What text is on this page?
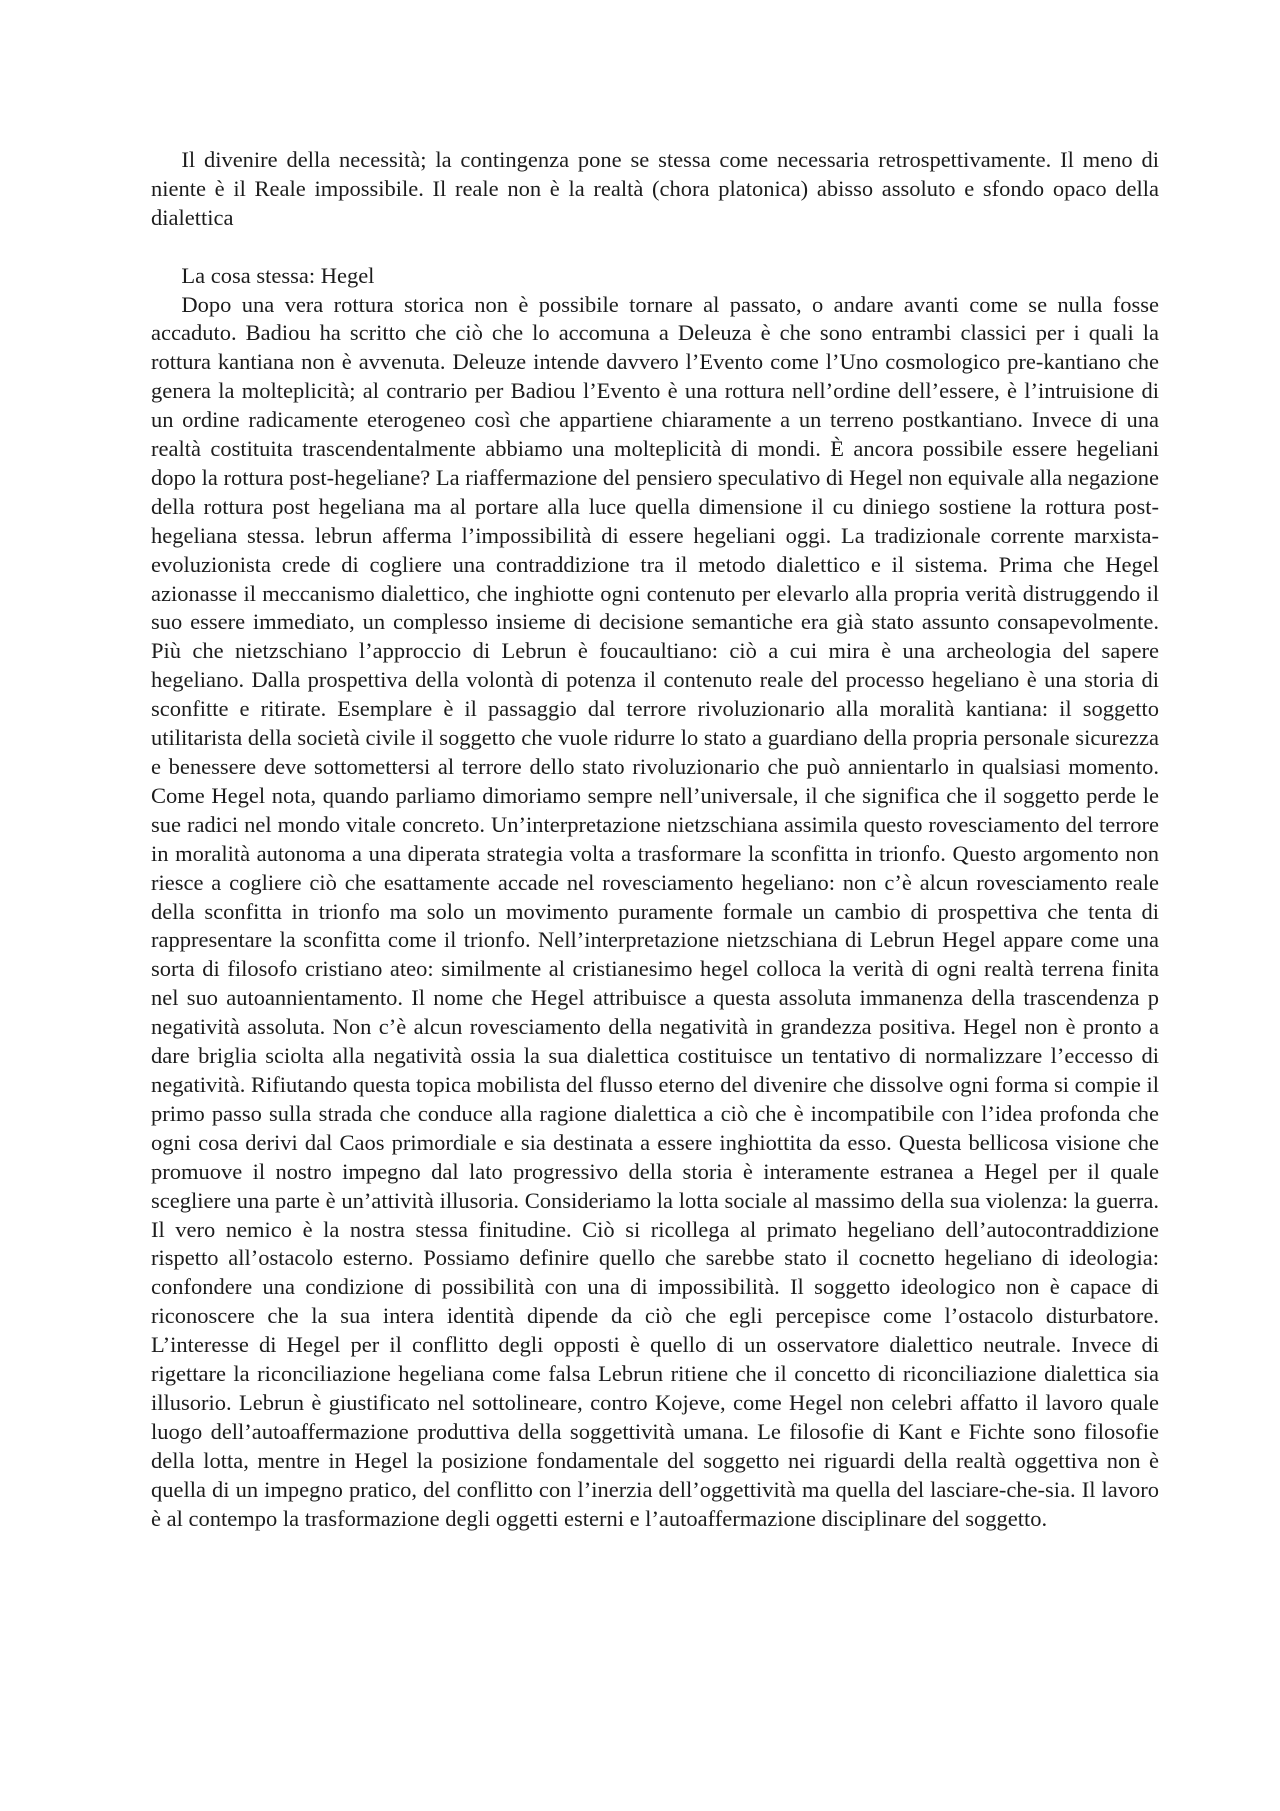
Il divenire della necessità; la contingenza pone se stessa come necessaria retrospettivamente. Il meno di niente è il Reale impossibile. Il reale non è la realtà (chora platonica) abisso assoluto e sfondo opaco della dialettica

La cosa stessa: Hegel

Dopo una vera rottura storica non è possibile tornare al passato, o andare avanti come se nulla fosse accaduto. Badiou ha scritto che ciò che lo accomuna a Deleuza è che sono entrambi classici per i quali la rottura kantiana non è avvenuta. Deleuze intende davvero l’Evento come l’Uno cosmologico pre-kantiano che genera la molteplicità; al contrario per Badiou l’Evento è una rottura nell’ordine dell’essere, è l’intruisione di un ordine radicamente eterogeneo così che appartiene chiaramente a un terreno postkantiano. Invece di una realtà costituita trascendentalmente abbiamo una molteplicità di mondi. È ancora possibile essere hegeliani dopo la rottura post-hegeliane? La riaffermazione del pensiero speculativo di Hegel non equivale alla negazione della rottura post hegeliana ma al portare alla luce quella dimensione il cu diniego sostiene la rottura post-hegeliana stessa. lebrun afferma l’impossibilità di essere hegeliani oggi. La tradizionale corrente marxista-evoluzionista crede di cogliere una contraddizione tra il metodo dialettico e il sistema. Prima che Hegel azionasse il meccanismo dialettico, che inghiotte ogni contenuto per elevarlo alla propria verità distruggendo il suo essere immediato, un complesso insieme di decisione semantiche era già stato assunto consapevolmente. Più che nietzschiano l’approccio di Lebrun è foucaultiano: ciò a cui mira è una archeologia del sapere hegeliano. Dalla prospettiva della volontà di potenza il contenuto reale del processo hegeliano è una storia di sconfitte e ritirate. Esemplare è il passaggio dal terrore rivoluzionario alla moralità kantiana: il soggetto utilitarista della società civile il soggetto che vuole ridurre lo stato a guardiano della propria personale sicurezza e benessere deve sottomettersi al terrore dello stato rivoluzionario che può annientarlo in qualsiasi momento. Come Hegel nota, quando parliamo dimoriamo sempre nell’universale, il che significa che il soggetto perde le sue radici nel mondo vitale concreto. Un’interpretazione nietzschiana assimila questo rovesciamento del terrore in moralità autonoma a una diperata strategia volta a trasformare la sconfitta in trionfo. Questo argomento non riesce a cogliere ciò che esattamente accade nel rovesciamento hegeliano: non c’è alcun rovesciamento reale della sconfitta in trionfo ma solo un movimento puramente formale un cambio di prospettiva che tenta di rappresentare la sconfitta come il trionfo. Nell’interpretazione nietzschiana di Lebrun Hegel appare come una sorta di filosofo cristiano ateo: similmente al cristianesimo hegel colloca la verità di ogni realtà terrena finita nel suo autoannientamento. Il nome che Hegel attribuisce a questa assoluta immanenza della trascendenza p negatività assoluta. Non c’è alcun rovesciamento della negatività in grandezza positiva. Hegel non è pronto a dare briglia sciolta alla negatività ossia la sua dialettica costituisce un tentativo di normalizzare l’eccesso di negatività. Rifiutando questa topica mobilista del flusso eterno del divenire che dissolve ogni forma si compie il primo passo sulla strada che conduce alla ragione dialettica a ciò che è incompatibile con l’idea profonda che ogni cosa derivi dal Caos primordiale e sia destinata a essere inghiottita da esso. Questa bellicosa visione che promuove il nostro impegno dal lato progressivo della storia è interamente estranea a Hegel per il quale scegliere una parte è un’attività illusoria. Consideriamo la lotta sociale al massimo della sua violenza: la guerra. Il vero nemico è la nostra stessa finitudine. Ciò si ricollega al primato hegeliano dell’autocontraddizione rispetto all’ostacolo esterno. Possiamo definire quello che sarebbe stato il cocnetto hegeliano di ideologia: confondere una condizione di possibilità con una di impossibilità. Il soggetto ideologico non è capace di riconoscere che la sua intera identità dipende da ciò che egli percepisce come l’ostacolo disturbatore. L’interesse di Hegel per il conflitto degli opposti è quello di un osservatore dialettico neutrale. Invece di rigettare la riconciliazione hegeliana come falsa Lebrun ritiene che il concetto di riconciliazione dialettica sia illusorio. Lebrun è giustificato nel sottolineare, contro Kojeve, come Hegel non celebri affatto il lavoro quale luogo dell’autoaffermazione produttiva della soggettività umana. Le filosofie di Kant e Fichte sono filosofie della lotta, mentre in Hegel la posizione fondamentale del soggetto nei riguardi della realtà oggettiva non è quella di un impegno pratico, del conflitto con l’inerzia dell’oggettività ma quella del lasciare-che-sia. Il lavoro è al contempo la trasformazione degli oggetti esterni e l’autoaffermazione disciplinare del soggetto.
